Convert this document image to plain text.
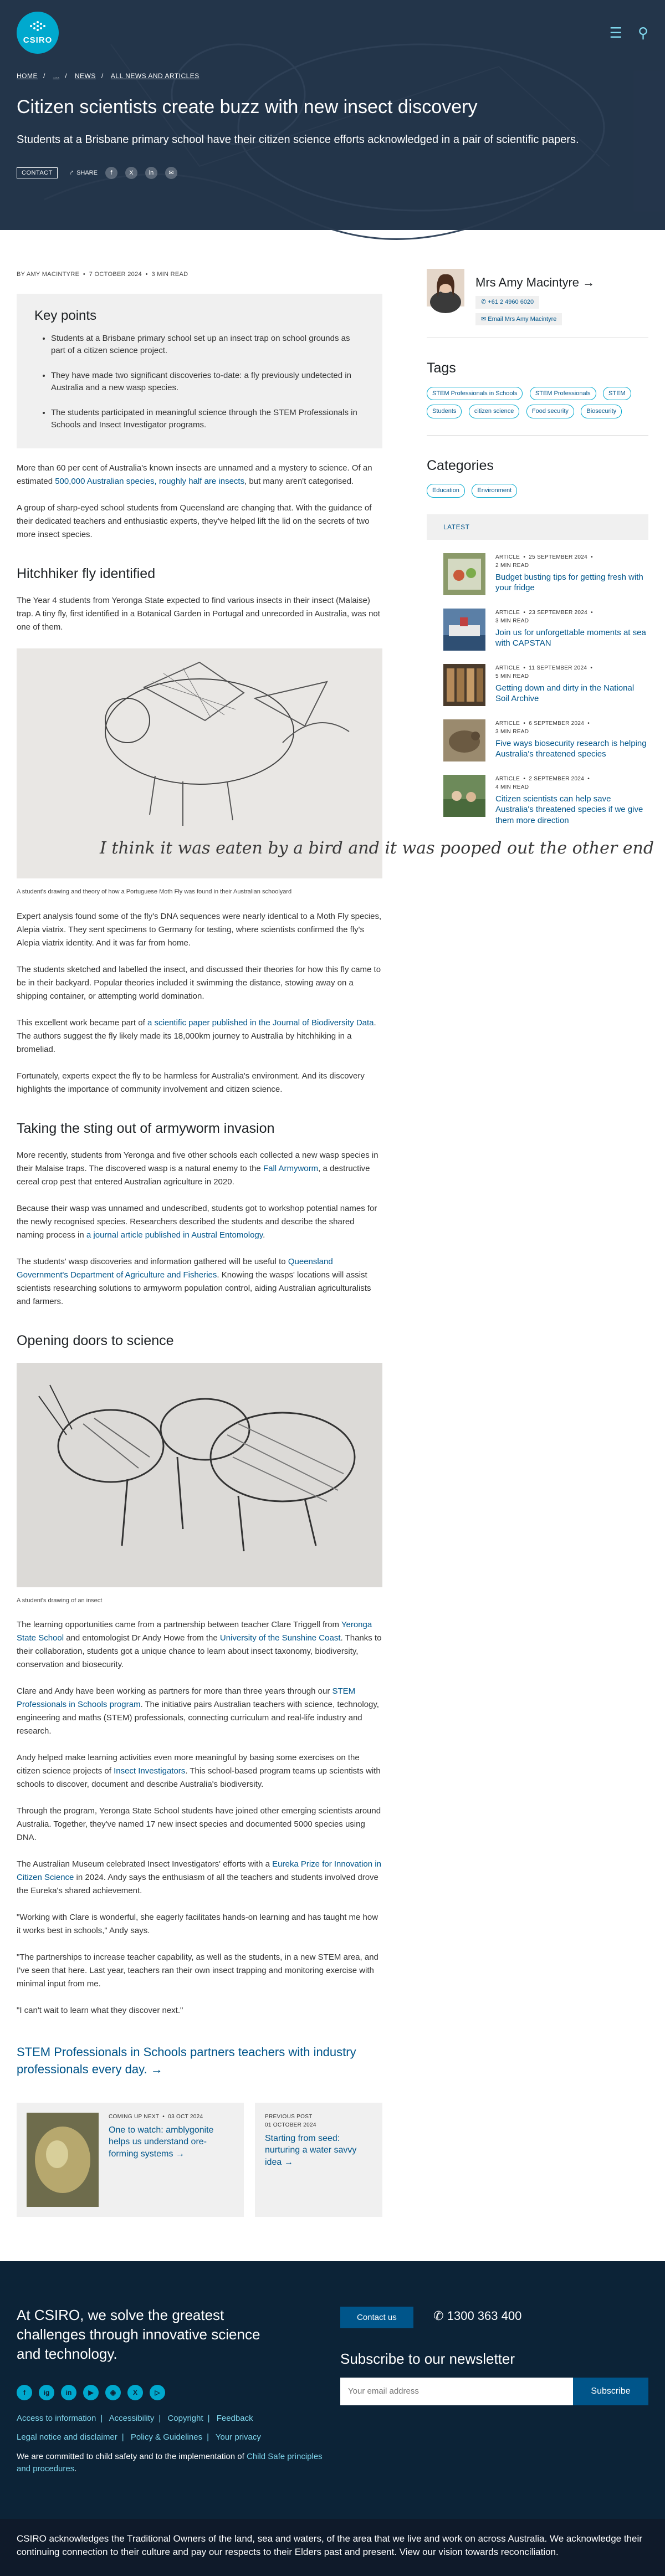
CSIRO	☰ ⚲
HOME / ... / NEWS / ALL NEWS AND ARTICLES
Citizen scientists create buzz with new insect discovery

Students at a Brisbane primary school have their citizen science efforts acknowledged in a pair of scientific papers.

CONTACT	⤤ SHARE	f	X	in	✉
BY AMY MACINTYRE  •  7 OCTOBER 2024  •  3 MIN READ
Key points
• Students at a Brisbane primary school set up an insect trap on school grounds as part of a citizen science project.
• They have made two significant discoveries to-date: a fly previously undetected in Australia and a new wasp species.
• The students participated in meaningful science through the STEM Professionals in Schools and Insect Investigator programs.

More than 60 per cent of Australia's known insects are unnamed and a mystery to science. Of an estimated 500,000 Australian species, roughly half are insects, but many aren't categorised.

A group of sharp-eyed school students from Queensland are changing that. With the guidance of their dedicated teachers and enthusiastic experts, they've helped lift the lid on the secrets of two more insect species.

Hitchhiker fly identified

The Year 4 students from Yeronga State expected to find various insects in their insect (Malaise) trap. A tiny fly, first identified in a Botanical Garden in Portugal and unrecorded in Australia, was not one of them.

I think it was eaten by a bird and it was pooped out the other end
A student's drawing and theory of how a Portuguese Moth Fly was found in their Australian schoolyard

Expert analysis found some of the fly's DNA sequences were nearly identical to a Moth Fly species, Alepia viatrix. They sent specimens to Germany for testing, where scientists confirmed the fly's Alepia viatrix identity. And it was far from home.

The students sketched and labelled the insect, and discussed their theories for how this fly came to be in their backyard. Popular theories included it swimming the distance, stowing away on a shipping container, or attempting world domination.

This excellent work became part of a scientific paper published in the Journal of Biodiversity Data. The authors suggest the fly likely made its 18,000km journey to Australia by hitchhiking in a bromeliad.

Fortunately, experts expect the fly to be harmless for Australia's environment. And its discovery highlights the importance of community involvement and citizen science.

Taking the sting out of armyworm invasion

More recently, students from Yeronga and five other schools each collected a new wasp species in their Malaise traps. The discovered wasp is a natural enemy to the Fall Armyworm, a destructive cereal crop pest that entered Australian agriculture in 2020.

Because their wasp was unnamed and undescribed, students got to workshop potential names for the newly recognised species. Researchers described the students and describe the shared naming process in a journal article published in Austral Entomology.

The students' wasp discoveries and information gathered will be useful to Queensland Government's Department of Agriculture and Fisheries. Knowing the wasps' locations will assist scientists researching solutions to armyworm population control, aiding Australian agriculturalists and farmers.

Opening doors to science
A student's drawing of an insect

The learning opportunities came from a partnership between teacher Clare Triggell from Yeronga State School and entomologist Dr Andy Howe from the University of the Sunshine Coast. Thanks to their collaboration, students got a unique chance to learn about insect taxonomy, biodiversity, conservation and biosecurity.

Clare and Andy have been working as partners for more than three years through our STEM Professionals in Schools program. The initiative pairs Australian teachers with science, technology, engineering and maths (STEM) professionals, connecting curriculum and real-life industry and research.

Andy helped make learning activities even more meaningful by basing some exercises on the citizen science projects of Insect Investigators. This school-based program teams up scientists with schools to discover, document and describe Australia's biodiversity.

Through the program, Yeronga State School students have joined other emerging scientists around Australia. Together, they've named 17 new insect species and documented 5000 species using DNA.

The Australian Museum celebrated Insect Investigators' efforts with a Eureka Prize for Innovation in Citizen Science in 2024. Andy says the enthusiasm of all the teachers and students involved drove the Eureka's shared achievement.

"Working with Clare is wonderful, she eagerly facilitates hands-on learning and has taught me how it works best in schools," Andy says.

"The partnerships to increase teacher capability, as well as the students, in a new STEM area, and I've seen that here. Last year, teachers ran their own insect trapping and monitoring exercise with minimal input from me.

"I can't wait to learn what they discover next."

STEM Professionals in Schools partners teachers with industry professionals every day. →
COMING UP NEXT  •  03 OCT 2024
One to watch: amblygonite helps us understand ore-forming systems →
PREVIOUS POST
01 OCTOBER 2024
Starting from seed: nurturing a water savvy idea →
Mrs Amy Macintyre →
✆ +61 2 4960 6020
✉ Email Mrs Amy Macintyre
Tags
STEM Professionals in Schools	STEM Professionals	STEM Students	citizen science	Food security	Biosecurity
Categories
Education	Environment
LATEST
ARTICLE  •  25 SEPTEMBER 2024  •
2 MIN READ
Budget busting tips for getting fresh with your fridge
ARTICLE  •  23 SEPTEMBER 2024  •
3 MIN READ
Join us for unforgettable moments at sea with CAPSTAN
ARTICLE  •  11 SEPTEMBER 2024  •
5 MIN READ
Getting down and dirty in the National Soil Archive
ARTICLE  •  6 SEPTEMBER 2024  •
3 MIN READ
Five ways biosecurity research is helping Australia's threatened species
ARTICLE  •  2 SEPTEMBER 2024  •
4 MIN READ
Citizen scientists can help save Australia's threatened species if we give them more direction
At CSIRO, we solve the greatest challenges through innovative science and technology.
f	ig	in	▶	◉	X	▷
Access to information | Accessibility | Copyright | Feedback
Legal notice and disclaimer | Policy & Guidelines | Your privacy

We are committed to child safety and to the implementation of Child Safe principles and procedures.

Contact us	✆ 1300 363 400
Subscribe to our newsletter
Your email address
Subscribe
CSIRO acknowledges the Traditional Owners of the land, sea and waters, of the area that we live and work on across Australia. We acknowledge their continuing connection to their culture and pay our respects to their Elders past and present. View our vision towards reconciliation.
